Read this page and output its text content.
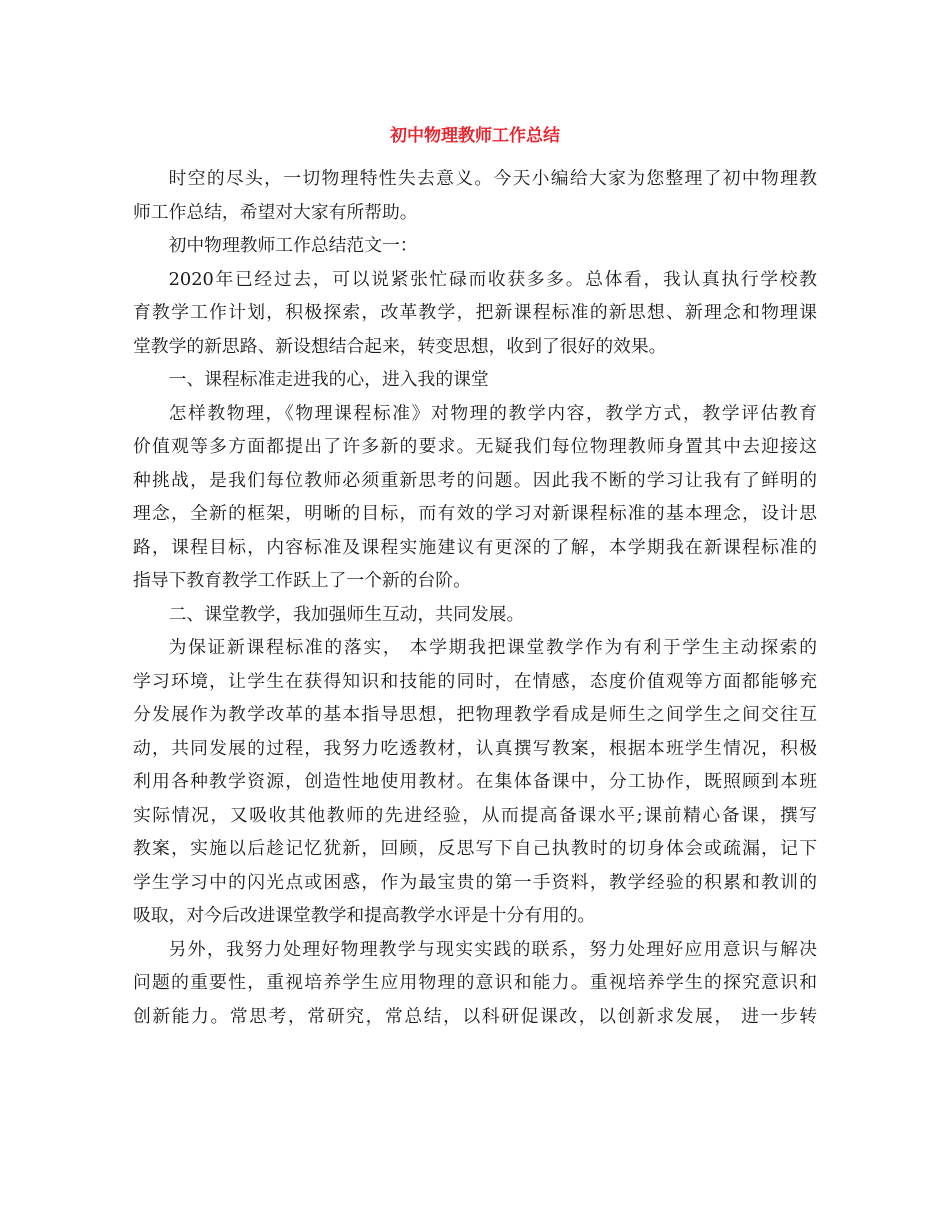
初中物理教师工作总结
时空的尽头，一切物理特性失去意义。今天小编给大家为您整理了初中物理教
师工作总结，希望对大家有所帮助。
初中物理教师工作总结范文一：
2020年已经过去，可以说紧张忙碌而收获多多。总体看，我认真执行学校教
育教学工作计划，积极探索，改革教学，把新课程标准的新思想、新理念和物理课
堂教学的新思路、新设想结合起来，转变思想，收到了很好的效果。
一、课程标准走进我的心，进入我的课堂
怎样教物理，《物理课程标准》对物理的教学内容，教学方式，教学评估教育
价值观等多方面都提出了许多新的要求。无疑我们每位物理教师身置其中去迎接这
种挑战，是我们每位教师必须重新思考的问题。因此我不断的学习让我有了鲜明的
理念，全新的框架，明晰的目标，而有效的学习对新课程标准的基本理念，设计思
路，课程目标，内容标准及课程实施建议有更深的了解，本学期我在新课程标准的
指导下教育教学工作跃上了一个新的台阶。
二、课堂教学，我加强师生互动，共同发展。
为保证新课程标准的落实， 本学期我把课堂教学作为有利于学生主动探索的
学习环境，让学生在获得知识和技能的同时，在情感，态度价值观等方面都能够充
分发展作为教学改革的基本指导思想，把物理教学看成是师生之间学生之间交往互
动，共同发展的过程，我努力吃透教材，认真撰写教案，根据本班学生情况，积极
利用各种教学资源，创造性地使用教材。在集体备课中，分工协作，既照顾到本班
实际情况，又吸收其他教师的先进经验，从而提高备课水平;课前精心备课，撰写
教案，实施以后趁记忆犹新，回顾，反思写下自己执教时的切身体会或疏漏，记下
学生学习中的闪光点或困惑，作为最宝贵的第一手资料，教学经验的积累和教训的
吸取，对今后改进课堂教学和提高教学水评是十分有用的。
另外，我努力处理好物理教学与现实实践的联系，努力处理好应用意识与解决
问题的重要性，重视培养学生应用物理的意识和能力。重视培养学生的探究意识和
创新能力。常思考，常研究，常总结，以科研促课改，以创新求发展， 进一步转
